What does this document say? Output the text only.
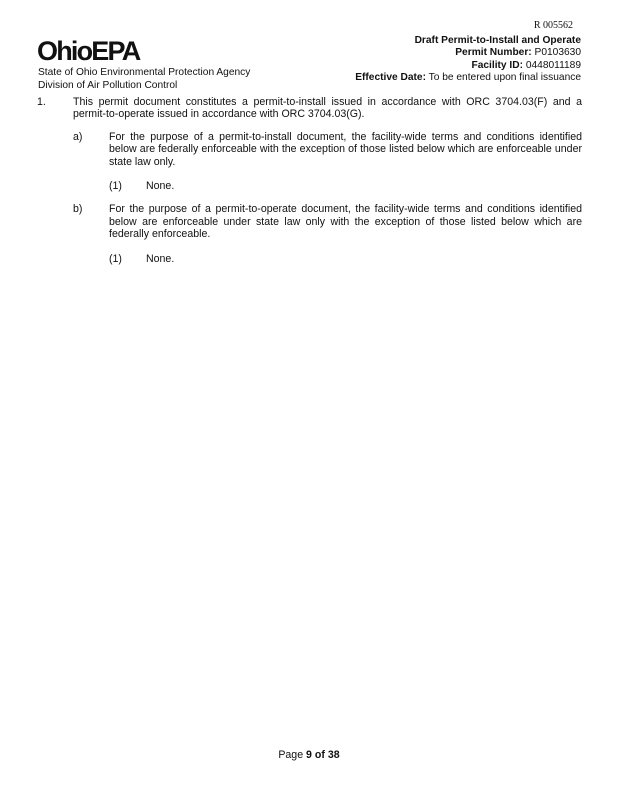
OhioEPA
State of Ohio Environmental Protection Agency
Division of Air Pollution Control
R 005562
Draft Permit-to-Install and Operate
Permit Number: P0103630
Facility ID: 0448011189
Effective Date: To be entered upon final issuance
1.	This permit document constitutes a permit-to-install issued in accordance with ORC 3704.03(F) and a permit-to-operate issued in accordance with ORC 3704.03(G).
a)	For the purpose of a permit-to-install document, the facility-wide terms and conditions identified below are federally enforceable with the exception of those listed below which are enforceable under state law only.
(1)	None.
b)	For the purpose of a permit-to-operate document, the facility-wide terms and conditions identified below are enforceable under state law only with the exception of those listed below which are federally enforceable.
(1)	None.
Page 9 of 38
